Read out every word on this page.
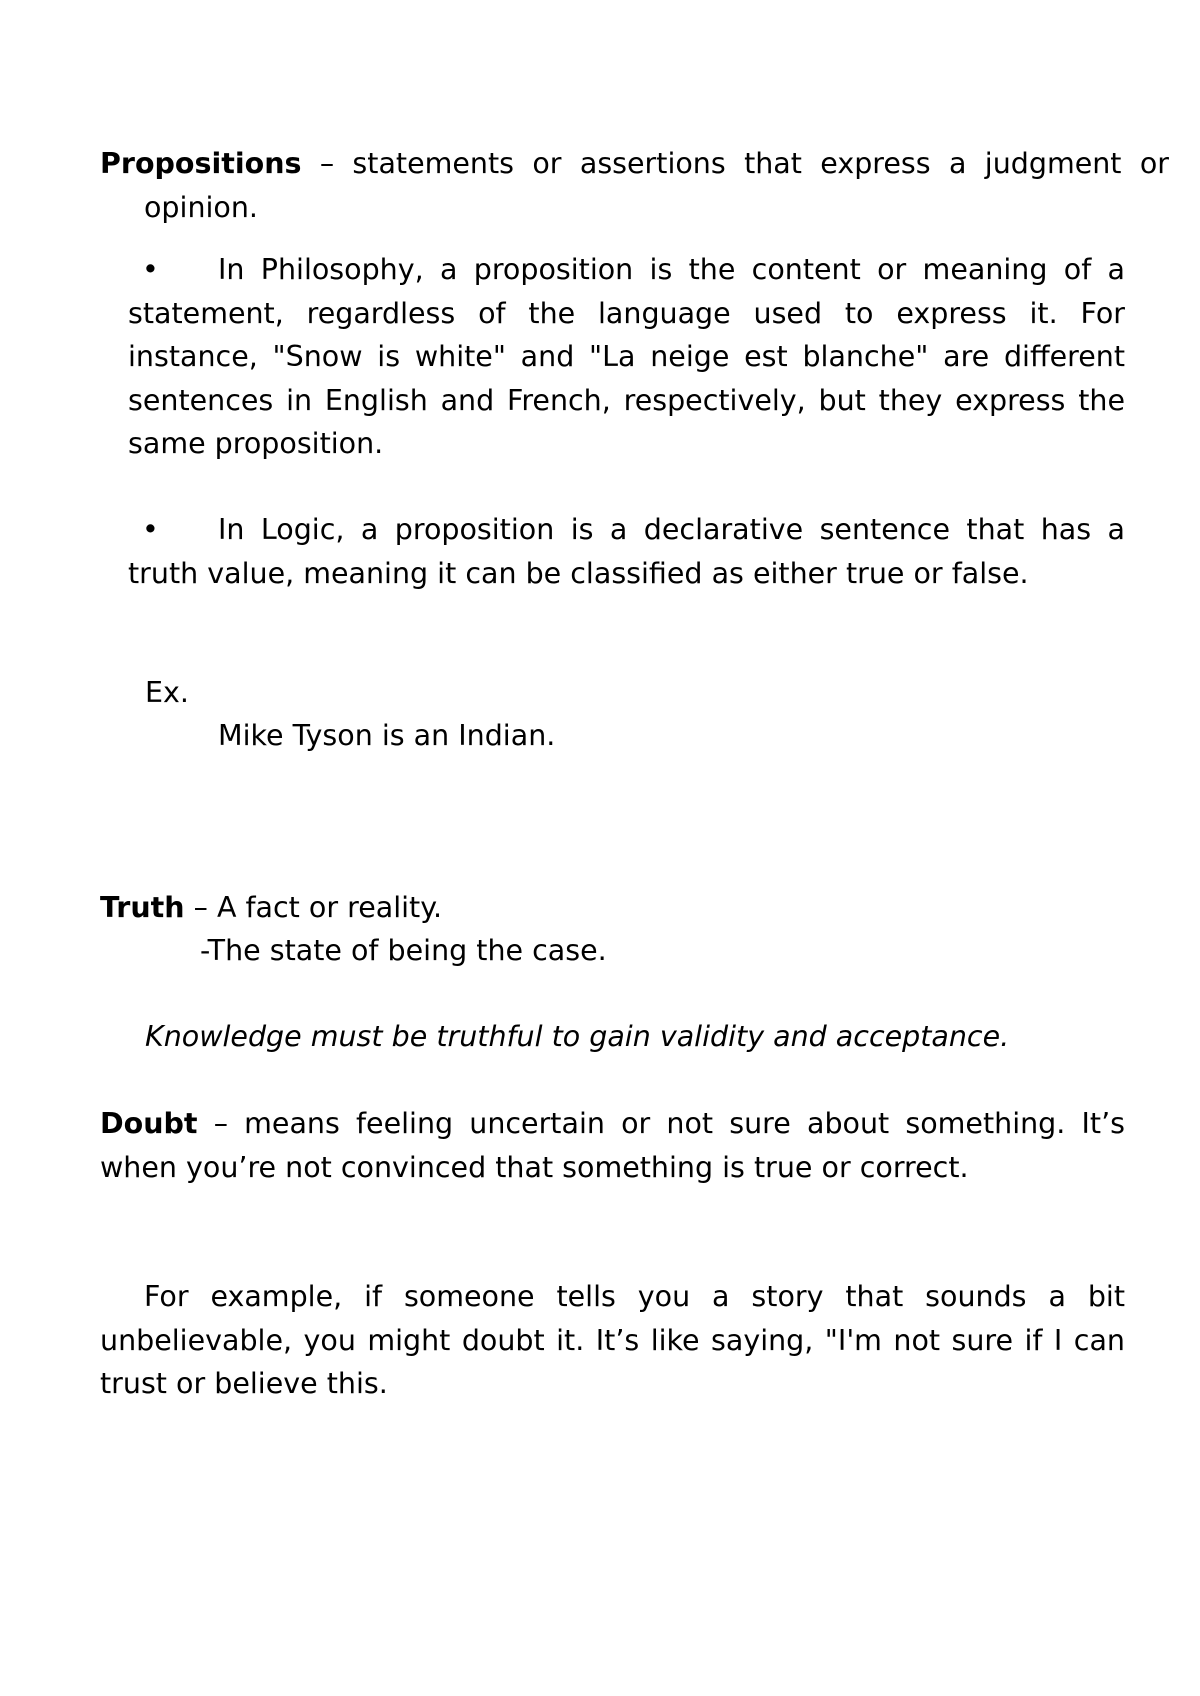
Propositions – statements or assertions that express a judgment or opinion.

• In Philosophy, a proposition is the content or meaning of a statement, regardless of the language used to express it. For instance, "Snow is white" and "La neige est blanche" are different sentences in English and French, respectively, but they express the same proposition.

• In Logic, a proposition is a declarative sentence that has a truth value, meaning it can be classified as either true or false.

Ex.

Mike Tyson is an Indian.

Truth – A fact or reality.

-The state of being the case.

Knowledge must be truthful to gain validity and acceptance.

Doubt – means feeling uncertain or not sure about something. It’s when you’re not convinced that something is true or correct.

For example, if someone tells you a story that sounds a bit unbelievable, you might doubt it. It’s like saying, "I'm not sure if I can trust or believe this.
